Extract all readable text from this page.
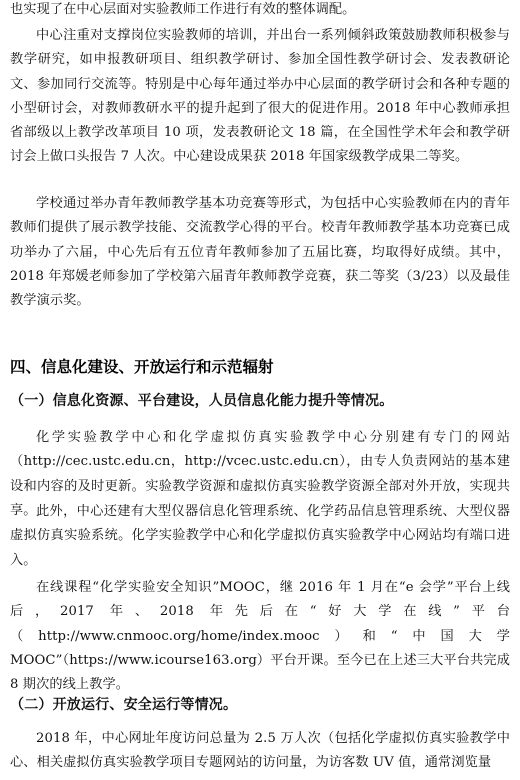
也实现了在中心层面对实验教师工作进行有效的整体调配。

中心注重对支撑岗位实验教师的培训，并出台一系列倾斜政策鼓励教师积极参与教学研究，如申报教研项目、组织教学研讨、参加全国性教学研讨会、发表教研论文、参加同行交流等。特别是中心每年通过举办中心层面的教学研讨会和各种专题的小型研讨会，对教师教研水平的提升起到了很大的促进作用。2018 年中心教师承担省部级以上教学改革项目 10 项，发表教研论文 18 篇，在全国性学术年会和教学研讨会上做口头报告 7 人次。中心建设成果获 2018 年国家级教学成果二等奖。

学校通过举办青年教师教学基本功竞赛等形式，为包括中心实验教师在内的青年教师们提供了展示教学技能、交流教学心得的平台。校青年教师教学基本功竞赛已成功举办了六届，中心先后有五位青年教师参加了五届比赛，均取得好成绩。其中，2018 年郑媛老师参加了学校第六届青年教师教学竞赛，获二等奖（3/23）以及最佳教学演示奖。

四、信息化建设、开放运行和示范辐射
（一）信息化资源、平台建设，人员信息化能力提升等情况。

化学实验教学中心和化学虚拟仿真实验教学中心分别建有专门的网站（http://cec.ustc.edu.cn，http://vcec.ustc.edu.cn），由专人负责网站的基本建设和内容的及时更新。实验教学资源和虚拟仿真实验教学资源全部对外开放，实现共享。 此外，中心还建有大型仪器信息化管理系统、化学药品信息管理系统、大型仪器虚拟仿真实验系统。化学实验教学中心和化学虚拟仿真实验教学中心网站均有端口进入。

在线课程“化学实验安全知识”MOOC，继 2016 年 1 月在“e 会学”平台上线后，2017 年、2018 年先后在“好大学在线”平台（http://www.cnmooc.org/home/index.mooc）和“中国大学 MOOC”（https://www.icourse163.org）平台开课。至今已在上述三大平台共完成 8 期次的线上教学。

（二）开放运行、安全运行等情况。

2018 年，中心网址年度访问总量为 2.5 万人次（包括化学虚拟仿真实验教学中心、相关虚拟仿真实验教学项目专题网站的访问量，为访客数 UV 值，通常浏览量
